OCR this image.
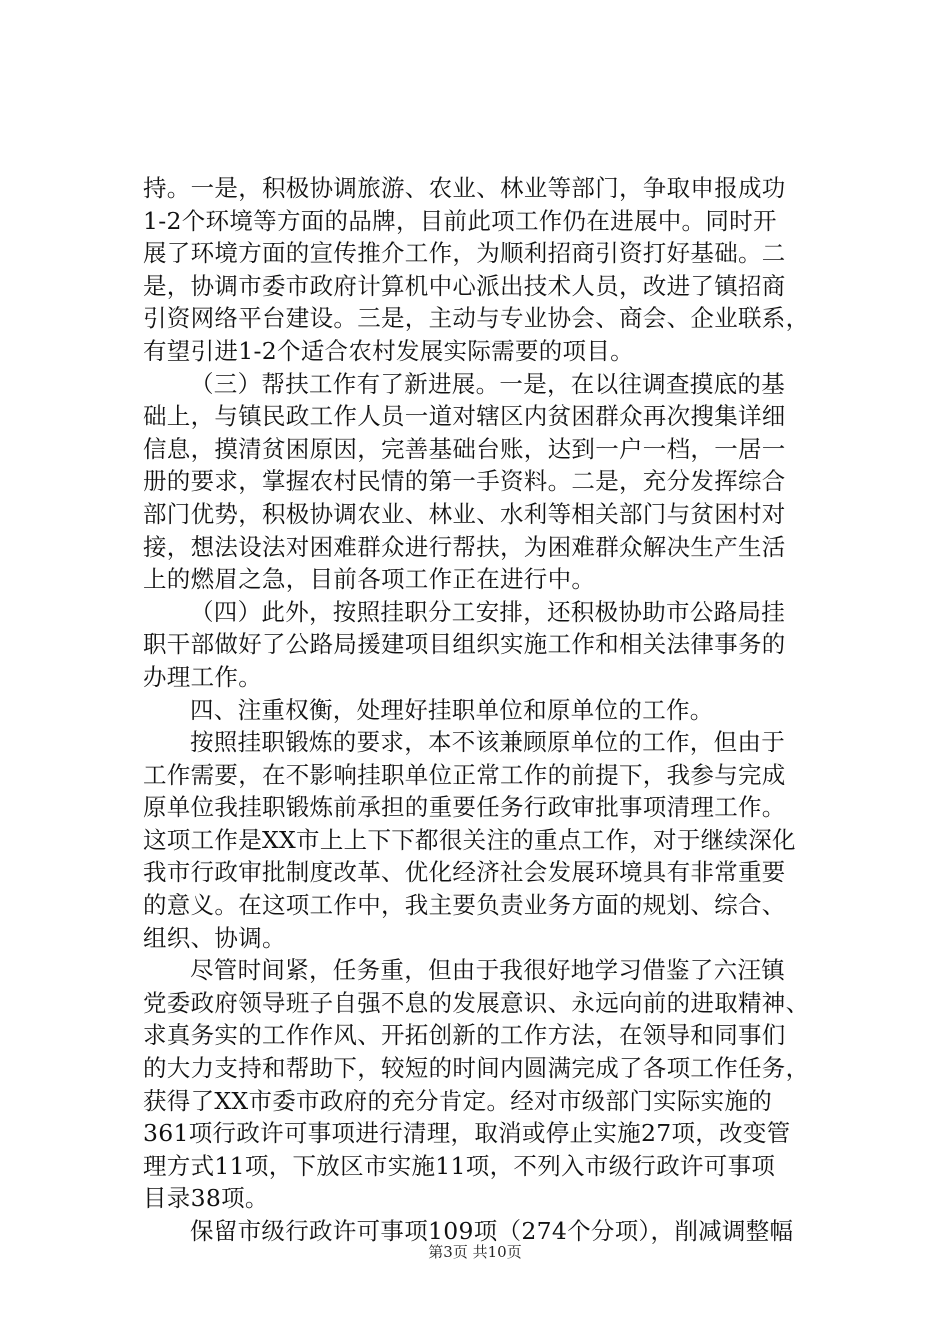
持。一是，积极协调旅游、农业、林业等部门，争取申报成功
1-2个环境等方面的品牌，目前此项工作仍在进展中。同时开
展了环境方面的宣传推介工作，为顺利招商引资打好基础。二
是，协调市委市政府计算机中心派出技术人员，改进了镇招商
引资网络平台建设。三是，主动与专业协会、商会、企业联系，
有望引进1-2个适合农村发展实际需要的项目。
（三）帮扶工作有了新进展。一是，在以往调查摸底的基
础上，与镇民政工作人员一道对辖区内贫困群众再次搜集详细
信息，摸清贫困原因，完善基础台账，达到一户一档，一居一
册的要求，掌握农村民情的第一手资料。二是，充分发挥综合
部门优势，积极协调农业、林业、水利等相关部门与贫困村对
接，想法设法对困难群众进行帮扶，为困难群众解决生产生活
上的燃眉之急，目前各项工作正在进行中。
（四）此外，按照挂职分工安排，还积极协助市公路局挂
职干部做好了公路局援建项目组织实施工作和相关法律事务的
办理工作。
四、注重权衡，处理好挂职单位和原单位的工作。
按照挂职锻炼的要求，本不该兼顾原单位的工作，但由于
工作需要，在不影响挂职单位正常工作的前提下，我参与完成
原单位我挂职锻炼前承担的重要任务行政审批事项清理工作。
这项工作是XX市上上下下都很关注的重点工作，对于继续深化
我市行政审批制度改革、优化经济社会发展环境具有非常重要
的意义。在这项工作中，我主要负责业务方面的规划、综合、
组织、协调。
尽管时间紧，任务重，但由于我很好地学习借鉴了六汪镇
党委政府领导班子自强不息的发展意识、永远向前的进取精神、
求真务实的工作作风、开拓创新的工作方法，在领导和同事们
的大力支持和帮助下，较短的时间内圆满完成了各项工作任务，
获得了XX市委市政府的充分肯定。经对市级部门实际实施的
361项行政许可事项进行清理，取消或停止实施27项，改变管
理方式11项，下放区市实施11项，不列入市级行政许可事项
目录38项。
保留市级行政许可事项109项（274个分项），削减调整幅
第3页 共10页
